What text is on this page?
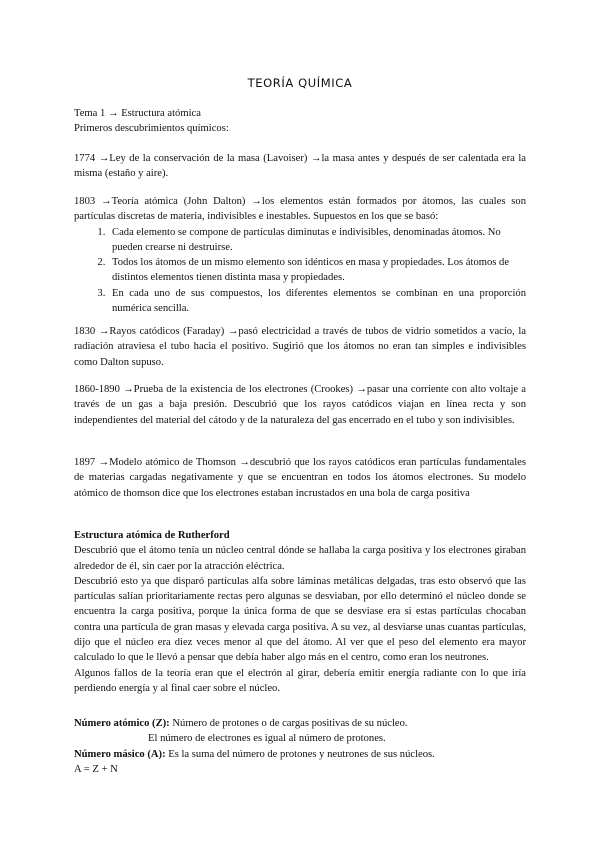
TEORÍA QUÍMICA

Tema 1 → Estructura atómica

Primeros descubrimientos químicos:

1774 →Ley de la conservación de la masa (Lavoiser) →la masa antes y después de ser calentada era la misma (estaño y aire).

1803 →Teoría atómica (John Dalton) →los elementos están formados por átomos, las cuales son partículas discretas de materia, indivisibles e inestables. Supuestos en los que se basó:

1. Cada elemento se compone de partículas diminutas e indivisibles, denominadas átomos. No pueden crearse ni destruirse.
2. Todos los átomos de un mismo elemento son idénticos en masa y propiedades. Los átomos de distintos elementos tienen distinta masa y propiedades.
3. En cada uno de sus compuestos, los diferentes elementos se combinan en una proporción numérica sencilla.

1830 →Rayos catódicos (Faraday) →pasó electricidad a través de tubos de vidrio sometidos a vacío, la radiación atraviesa el tubo hacia el positivo. Sugirió que los átomos no eran tan simples e indivisibles como Dalton supuso.

1860-1890 →Prueba de la existencia de los electrones (Crookes) →pasar una corriente con alto voltaje a través de un gas a baja presión. Descubrió que los rayos catódicos viajan en línea recta y son independientes del material del cátodo y de la naturaleza del gas encerrado en el tubo y son indivisibles.

1897 →Modelo atómico de Thomson →descubrió que los rayos catódicos eran partículas fundamentales de materias cargadas negativamente y que se encuentran en todos los átomos electrones. Su modelo atómico de thomson dice que los electrones estaban incrustados en una bola de carga positiva

Estructura atómica de Rutherford

Descubrió que el átomo tenía un núcleo central dónde se hallaba la carga positiva y los electrones giraban alrededor de él, sin caer por la atracción eléctrica.

Descubrió esto ya que disparó partículas alfa sobre láminas metálicas delgadas, tras esto observó que las partículas salían prioritariamente rectas pero algunas se desviaban, por ello determinó el núcleo donde se encuentra la carga positiva, porque la única forma de que se desviase era si estas partículas chocaban contra una partícula de gran masas y elevada carga positiva. A su vez, al desviarse unas cuantas partículas, dijo que el núcleo era diez veces menor al que del átomo. Al ver que el peso del elemento era mayor calculado lo que le llevó a pensar que debía haber algo más en el centro, como eran los neutrones.

Algunos fallos de la teoría eran que el electrón al girar, debería emitir energía radiante con lo que iría perdiendo energía y al final caer sobre el núcleo.

Número atómico (Z): Número de protones o de cargas positivas de su núcleo.

El número de electrones es igual al número de protones.

Número másico (A): Es la suma del número de protones y neutrones de sus núcleos.

A = Z + N
